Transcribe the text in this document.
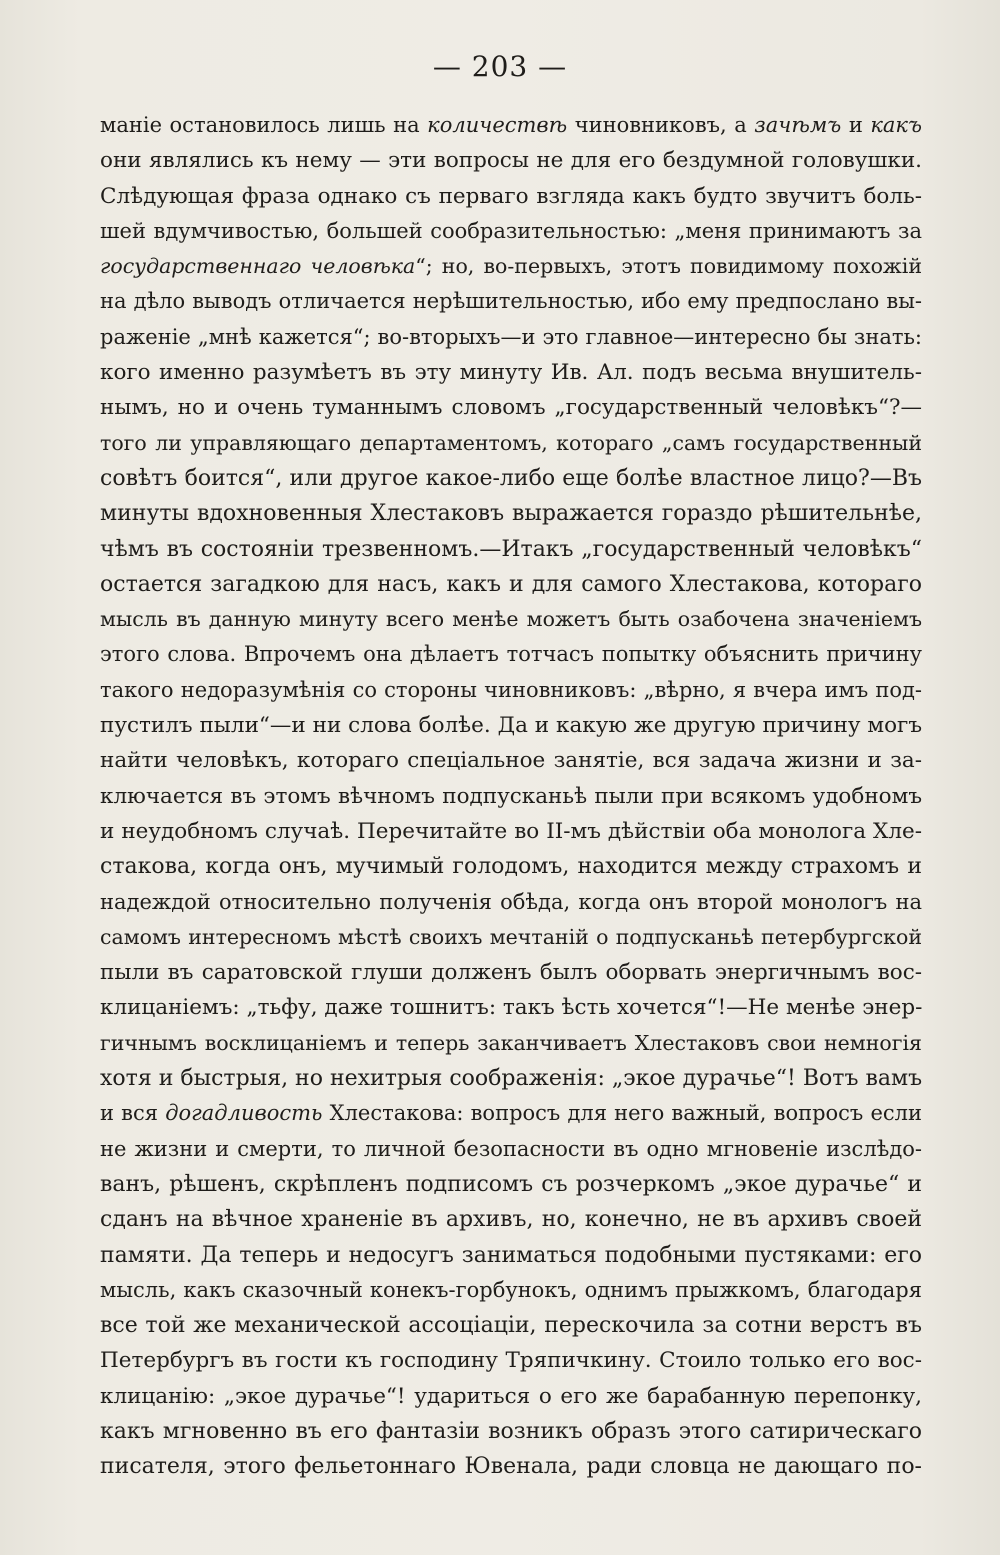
— 203 —
маніе остановилось лишь на количествѣ чиновниковъ, а зачѣмъ и какъ
они являлись къ нему — эти вопросы не для его бездумной головушки.
Слѣдующая фраза однако съ перваго взгляда какъ будто звучитъ боль-
шей вдумчивостью, большей сообразительностью: „меня принимаютъ за
государственнаго человѣка“; но, во-первыхъ, этотъ повидимому похожій
на дѣло выводъ отличается нерѣшительностью, ибо ему предпослано вы-
раженіе „мнѣ кажется“; во-вторыхъ—и это главное—интересно бы знать:
кого именно разумѣетъ въ эту минуту Ив. Ал. подъ весьма внушитель-
нымъ, но и очень туманнымъ словомъ „государственный человѣкъ“?—
того ли управляющаго департаментомъ, котораго „самъ государственный
совѣтъ боится“, или другое какое-либо еще болѣе властное лицо?—Въ
минуты вдохновенныя Хлестаковъ выражается гораздо рѣшительнѣе,
чѣмъ въ состояніи трезвенномъ.—Итакъ „государственный человѣкъ“
остается загадкою для насъ, какъ и для самого Хлестакова, котораго
мысль въ данную минуту всего менѣе можетъ быть озабочена значеніемъ
этого слова. Впрочемъ она дѣлаетъ тотчасъ попытку объяснить причину
такого недоразумѣнія со стороны чиновниковъ: „вѣрно, я вчера имъ под-
пустилъ пыли“—и ни слова болѣе. Да и какую же другую причину могъ
найти человѣкъ, котораго спеціальное занятіе, вся задача жизни и за-
ключается въ этомъ вѣчномъ подпусканьѣ пыли при всякомъ удобномъ
и неудобномъ случаѣ. Перечитайте во II-мъ дѣйствіи оба монолога Хле-
стакова, когда онъ, мучимый голодомъ, находится между страхомъ и
надеждой относительно полученія обѣда, когда онъ второй монологъ на
самомъ интересномъ мѣстѣ своихъ мечтаній о подпусканьѣ петербургской
пыли въ саратовской глуши долженъ былъ оборвать энергичнымъ вос-
клицаніемъ: „тьфу, даже тошнитъ: такъ ѣсть хочется“!—Не менѣе энер-
гичнымъ восклицаніемъ и теперь заканчиваетъ Хлестаковъ свои немногія
хотя и быстрыя, но нехитрыя соображенія: „экое дурачье“! Вотъ вамъ
и вся догадливость Хлестакова: вопросъ для него важный, вопросъ если
не жизни и смерти, то личной безопасности въ одно мгновеніе изслѣдо-
ванъ, рѣшенъ, скрѣпленъ подписомъ съ розчеркомъ „экое дурачье“ и
сданъ на вѣчное храненіе въ архивъ, но, конечно, не въ архивъ своей
памяти. Да теперь и недосугъ заниматься подобными пустяками: его
мысль, какъ сказочный конекъ-горбунокъ, однимъ прыжкомъ, благодаря
все той же механической ассоціаціи, перескочила за сотни верстъ въ
Петербургъ въ гости къ господину Тряпичкину. Стоило только его вос-
клицанію: „экое дурачье“! удариться о его же барабанную перепонку,
какъ мгновенно въ его фантазіи возникъ образъ этого сатирическаго
писателя, этого фельетоннаго Ювенала, ради словца не дающаго по-
